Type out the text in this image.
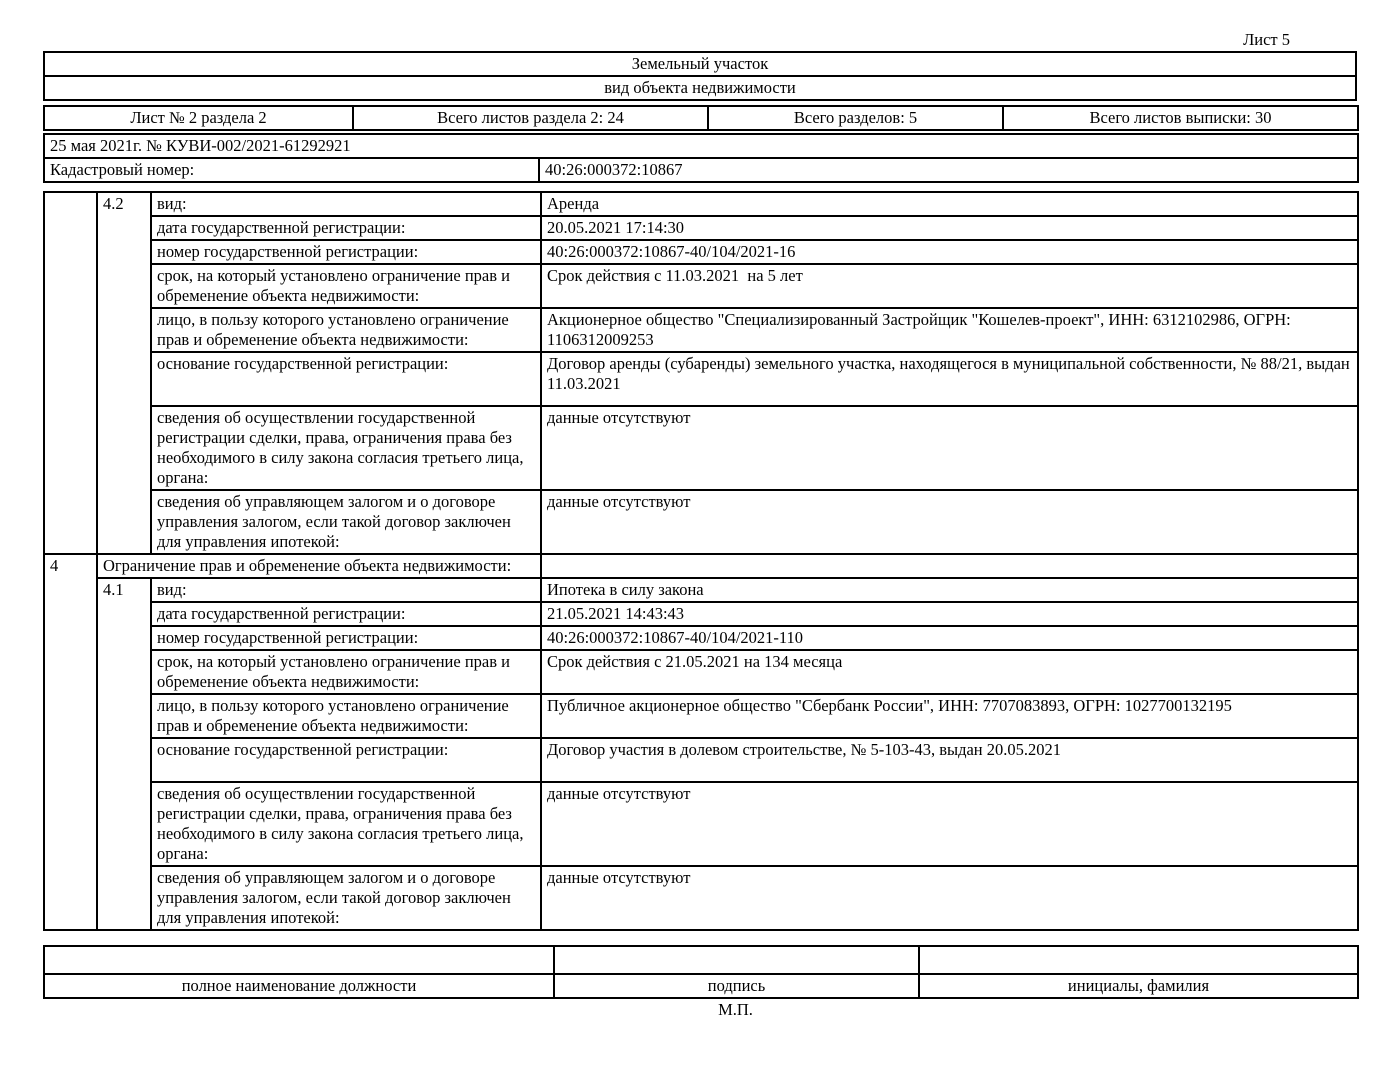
Лист 5
Земельный участок
вид объекта недвижимости
Лист № 2 раздела 2	Всего листов раздела 2: 24	Всего разделов: 5	Всего листов выписки: 30
25 мая 2021г. № КУВИ-002/2021-61292921
Кадастровый номер:	40:26:000372:10867
	4.2	вид:	Аренда
		дата государственной регистрации:	20.05.2021 17:14:30
		номер государственной регистрации:	40:26:000372:10867-40/104/2021-16
		срок, на который установлено ограничение прав и обременение объекта недвижимости:	Срок действия с 11.03.2021  на 5 лет
		лицо, в пользу которого установлено ограничение прав и обременение объекта недвижимости:	Акционерное общество "Специализированный Застройщик "Кошелев-проект", ИНН: 6312102986, ОГРН: 1106312009253
		основание государственной регистрации:	Договор аренды (субаренды) земельного участка, находящегося в муниципальной собственности, № 88/21, выдан 11.03.2021
		сведения об осуществлении государственной регистрации сделки, права, ограничения права без необходимого в силу закона согласия третьего лица, органа:	данные отсутствуют
		сведения об управляющем залогом и о договоре управления залогом, если такой договор заключен для управления ипотекой:	данные отсутствуют
4	Ограничение прав и обременение объекта недвижимости:		
	4.1	вид:	Ипотека в силу закона
		дата государственной регистрации:	21.05.2021 14:43:43
		номер государственной регистрации:	40:26:000372:10867-40/104/2021-110
		срок, на который установлено ограничение прав и обременение объекта недвижимости:	Срок действия с 21.05.2021 на 134 месяца
		лицо, в пользу которого установлено ограничение прав и обременение объекта недвижимости:	Публичное акционерное общество "Сбербанк России", ИНН: 7707083893, ОГРН: 1027700132195
		основание государственной регистрации:	Договор участия в долевом строительстве, № 5-103-43, выдан 20.05.2021
		сведения об осуществлении государственной регистрации сделки, права, ограничения права без необходимого в силу закона согласия третьего лица, органа:	данные отсутствуют
		сведения об управляющем залогом и о договоре управления залогом, если такой договор заключен для управления ипотекой:	данные отсутствуют

полное наименование должности	подпись	инициалы, фамилия
М.П.
